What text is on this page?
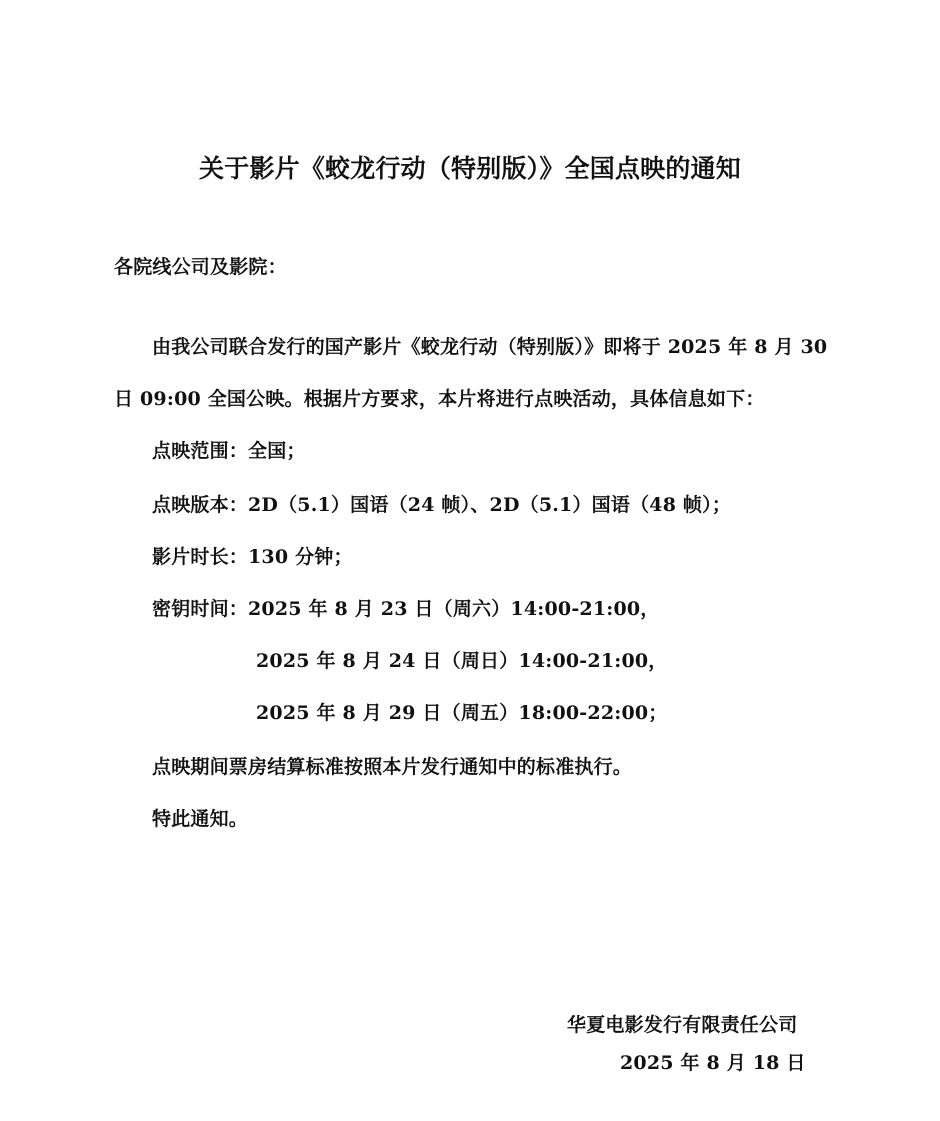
关于影片《蛟龙行动（特别版）》全国点映的通知
各院线公司及影院：
由我公司联合发行的国产影片《蛟龙行动（特别版）》即将于 2025 年 8 月 30
日 09:00 全国公映。根据片方要求，本片将进行点映活动，具体信息如下：
点映范围：全国；
点映版本：2D（5.1）国语（24 帧）、2D（5.1）国语（48 帧）；
影片时长：130 分钟；
密钥时间：2025 年 8 月 23 日（周六）14:00-21:00，
2025 年 8 月 24 日（周日）14:00-21:00，
2025 年 8 月 29 日（周五）18:00-22:00；
点映期间票房结算标准按照本片发行通知中的标准执行。
特此通知。
华夏电影发行有限责任公司
2025 年 8 月 18 日
